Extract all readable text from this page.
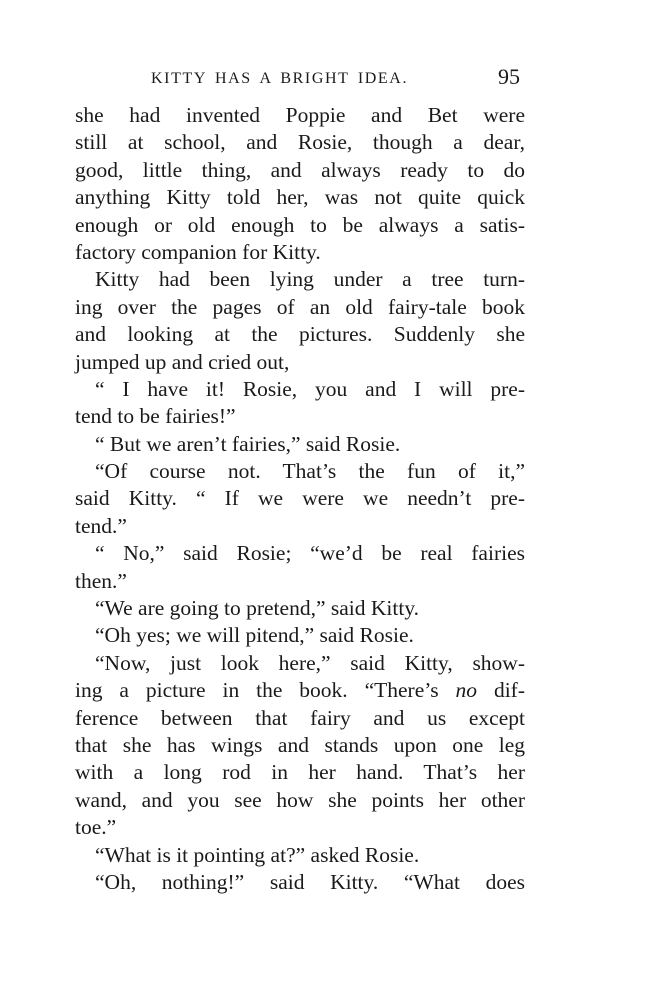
KITTY HAS A BRIGHT IDEA.	95
she had invented Poppie and Bet were
still at school, and Rosie, though a dear,
good, little thing, and always ready to do
anything Kitty told her, was not quite quick
enough or old enough to be always a satis-
factory companion for Kitty.
Kitty had been lying under a tree turn-
ing over the pages of an old fairy-tale book
and looking at the pictures. Suddenly she
jumped up and cried out,
“ I have it! Rosie, you and I will pre-
tend to be fairies!”
“ But we aren’t fairies,” said Rosie.
“Of course not. That’s the fun of it,”
said Kitty. “ If we were we needn’t pre-
tend.”
“ No,” said Rosie; “we’d be real fairies
then.”
“We are going to pretend,” said Kitty.
“Oh yes; we will pitend,” said Rosie.
“Now, just look here,” said Kitty, show-
ing a picture in the book. “There’s no dif-
ference between that fairy and us except
that she has wings and stands upon one leg
with a long rod in her hand. That’s her
wand, and you see how she points her other
toe.”
“What is it pointing at?” asked Rosie.
“Oh, nothing!” said Kitty. “What does
